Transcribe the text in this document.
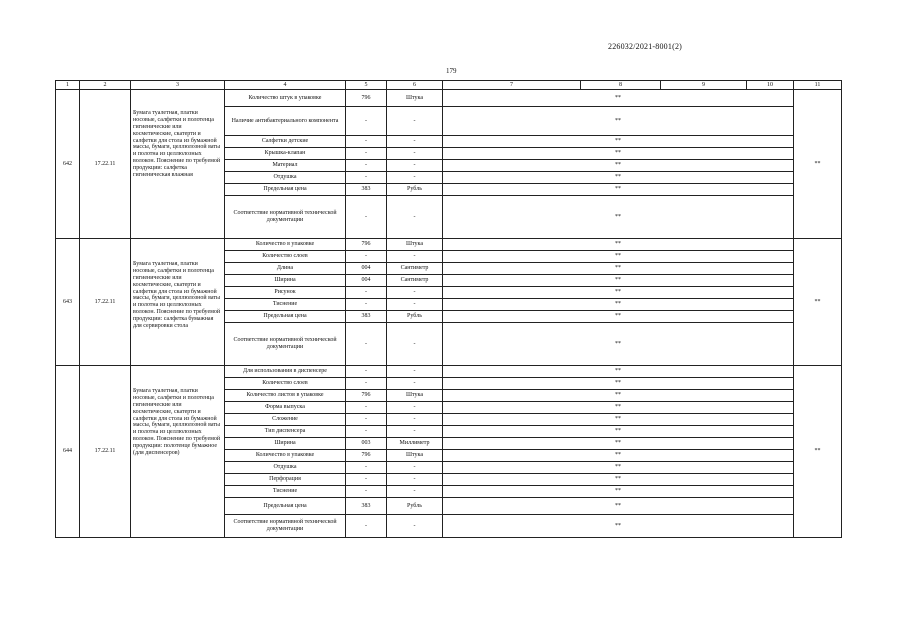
226032/2021-8001(2)
179
1	2	3	4	5	6	7	8	9	10	11
642	17.22.11	Бумага туалетная, платки носовые, салфетки и полотенца гигиенические или косметические, скатерти и салфетки для стола из бумажной массы, бумаги, целлюлозной ваты и полотна из целлюлозных волокон. Пояснение по требуемой продукции: салфетка гигиеническая влажная	Количество штук в упаковке	796	Штука	**				**
			Наличие антибактериального компонента	-	-	**				
			Салфетки детские	-	-	**				
			Крышка-клапан	-	-	**				
			Материал	-	-	**				
			Отдушка	-	-	**				
			Предельная цена	383	Рубль	**				
			Соответствие нормативной технической документации	-	-	**				
643	17.22.11	Бумага туалетная, платки носовые, салфетки и полотенца гигиенические или косметические, скатерти и салфетки для стола из бумажной массы, бумаги, целлюлозной ваты и полотна из целлюлозных волокон. Пояснение по требуемой продукции: салфетка бумажная для сервировки стола	Количество в упаковке	796	Штука	**				**
			Количество слоев	-	-	**				
			Длина	004	Сантиметр	**				
			Ширина	004	Сантиметр	**				
			Рисунок	-	-	**				
			Тиснение	-	-	**				
			Предельная цена	383	Рубль	**				
			Соответствие нормативной технической документации	-	-	**				
644	17.22.11	Бумага туалетная, платки носовые, салфетки и полотенца гигиенические или косметические, скатерти и салфетки для стола из бумажной массы, бумаги, целлюлозной ваты и полотна из целлюлозных волокон. Пояснение по требуемой продукции: полотенце бумажное (для диспенсеров)	Для использования в диспенсере	-	-	**				**
			Количество слоев	-	-	**				
			Количество листов в упаковке	796	Штука	**				
			Форма выпуска	-	-	**				
			Сложение	-	-	**				
			Тип диспенсера	-	-	**				
			Ширина	003	Миллиметр	**				
			Количество в упаковке	796	Штука	**				
			Отдушка	-	-	**				
			Перфорация	-	-	**				
			Тиснение	-	-	**				
			Предельная цена	383	Рубль	**				
			Соответствие нормативной технической документации	-	-	**				
